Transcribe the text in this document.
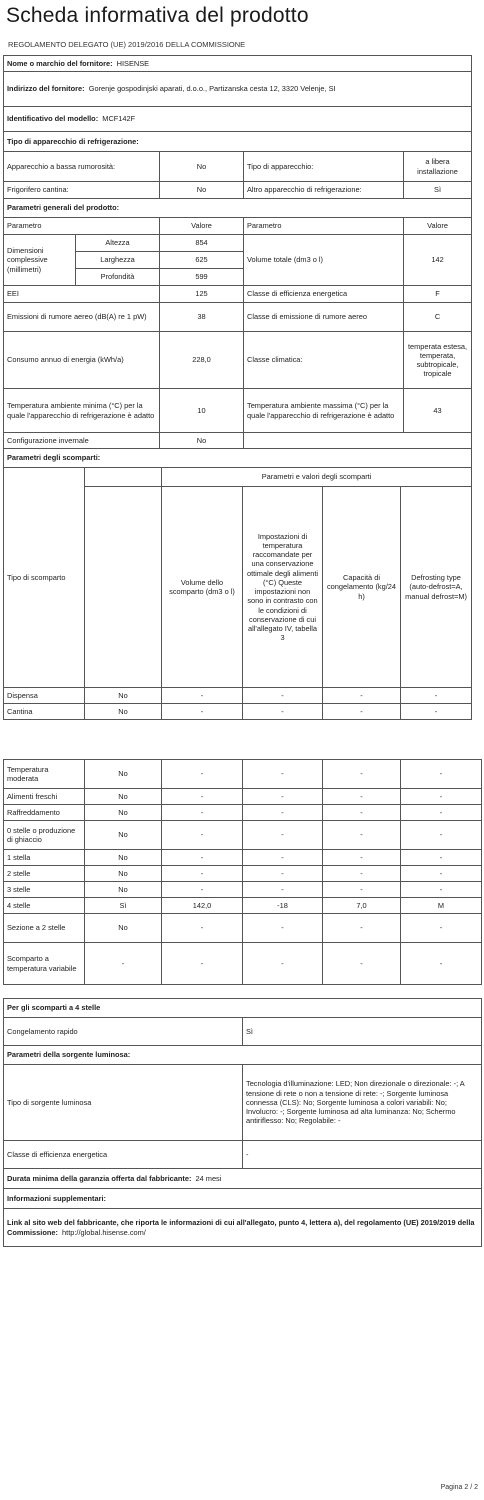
Scheda informativa del prodotto
REGOLAMENTO DELEGATO (UE) 2019/2016 DELLA COMMISSIONE
Nome o marchio del fornitore: HISENSE				
Indirizzo del fornitore: Gorenje gospodinjski aparati, d.o.o., Partizanska cesta 12, 3320 Velenje, SI				
Identificativo del modello: MCF142F				
Tipo di apparecchio di refrigerazione:				
Apparecchio a bassa rumorosità:		No	Tipo di apparecchio:	a libera installazione
Frigorifero cantina:		No	Altro apparecchio di refrigerazione:	Sì
Parametri generali del prodotto:				
Parametro		Valore	Parametro	Valore
Dimensioni complessive (millimetri)	Altezza	854	Volume totale (dm3 o l)	142
	Larghezza	625		
	Profondità	599		
EEI		125	Classe di efficienza energetica	F
Emissioni di rumore aereo (dB(A) re 1 pW)		38	Classe di emissione di rumore aereo	C
Consumo annuo di energia (kWh/a)		228,0	Classe climatica:	temperata estesa, temperata, subtropicale, tropicale
Temperatura ambiente minima (°C) per la quale l'apparecchio di refrigerazione è adatto		10	Temperatura ambiente massima (°C) per la quale l'apparecchio di refrigerazione è adatto	43
Configurazione invernale		No		
Parametri degli scomparti:				
Tipo di scomparto		Parametri e valori degli scomparti			
		Volume dello scomparto (dm3 o l)	Impostazioni di temperatura raccomandate per una conservazione ottimale degli alimenti (°C) Queste impostazioni non sono in contrasto con le condizioni di conservazione di cui all'allegato IV, tabella 3	Capacità di congelamento (kg/24 h)	Defrosting type (auto-defrost=A, manual defrost=M)
Dispensa	No	-	-	-	-
Cantina	No	-	-	-	-
Temperatura moderata	No	-	-	-	-
Alimenti freschi	No	-	-	-	-
Raffreddamento	No	-	-	-	-
0 stelle o produzione di ghiaccio	No	-	-	-	-
1 stella	No	-	-	-	-
2 stelle	No	-	-	-	-
3 stelle	No	-	-	-	-
4 stelle	Sì	142,0	-18	7,0	M
Sezione a 2 stelle	No	-	-	-	-
Scomparto a temperatura variabile	-	-	-	-	-
Per gli scomparti a 4 stelle	
Congelamento rapido	Sì
Parametri della sorgente luminosa:	
Tipo di sorgente luminosa	Tecnologia d'illuminazione: LED; Non direzionale o direzionale: -; A tensione di rete o non a tensione di rete: -; Sorgente luminosa connessa (CLS): No; Sorgente luminosa a colori variabili: No; Involucro: -; Sorgente luminosa ad alta luminanza: No; Schermo antiriflesso: No; Regolabile: -
Classe di efficienza energetica	-
Durata minima della garanzia offerta dal fabbricante: 24 mesi	
Informazioni supplementari:	
Link al sito web del fabbricante, che riporta le informazioni di cui all'allegato, punto 4, lettera a), del regolamento (UE) 2019/2019 della Commissione: http://global.hisense.com/	
Pagina 2 / 2
